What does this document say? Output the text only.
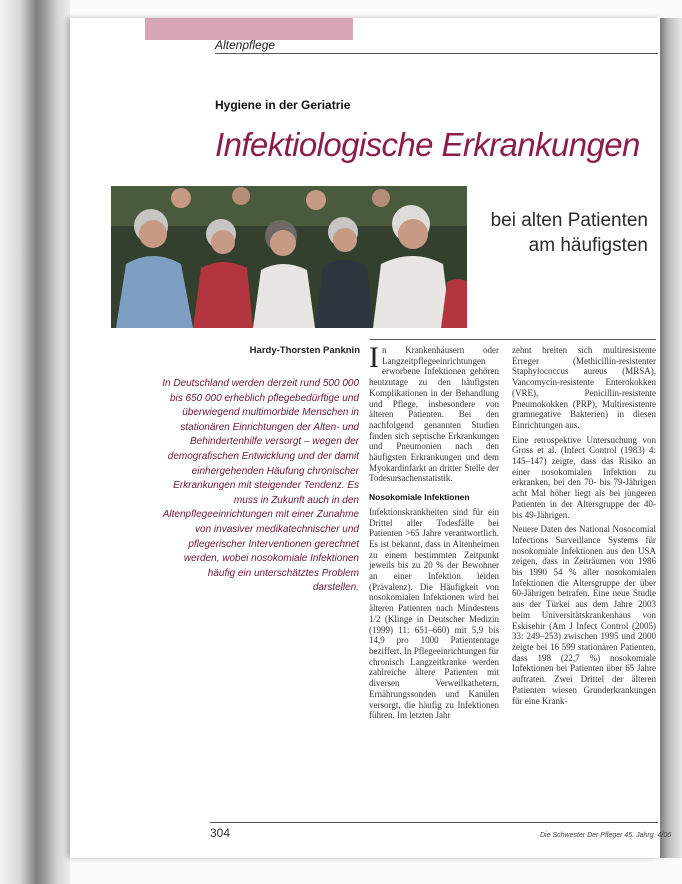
Altenpflege
Hygiene in der Geriatrie
Infektiologische Erkrankungen
bei alten Patienten
am häufigsten
Hardy-Thorsten Panknin
In Deutschland werden derzeit rund 500 000 bis 650 000 erheblich pflegebedürftige und überwiegend multimorbide Menschen in stationären Einrichtungen der Alten- und Behindertenhilfe versorgt – wegen der demografischen Entwicklung und der damit einhergehenden Häufung chronischer Erkrankungen mit steigender Tendenz. Es muss in Zukunft auch in den Altenpflegeeinrichtungen mit einer Zunahme von invasiver medikatechnischer und pflegerischer Interventionen gerechnet werden, wobei nosokomiale Infektionen häufig ein unterschätztes Problem darstellen.

In Krankenhäusern oder Langzeitpflegeeinrichtungen erworbene Infektionen gehören heutzutage zu den häufigsten Komplikationen in der Behandlung und Pflege, insbesondere von älteren Patienten. Bei den nachfolgend genannten Studien finden sich septische Erkrankungen und Pneumonien nach den häufigsten Erkrankungen und dem Myokardinfarkt an dritter Stelle der Todesursachenstatistik.

Nosokomiale Infektionen

Infektionskrankheiten sind für ein Drittel aller Todesfälle bei Patienten >65 Jahre verantwortlich. Es ist bekannt, dass in Altenheimen zu einem bestimmten Zeitpunkt jeweils bis zu 20 % der Bewohner an einer Infektion leiden (Prävalenz). Die Häufigkeit von nosokomialen Infektionen wird bei älteren Patienten nach Mindestens 1/2 (Klinge in Deutscher Medizin (1999) 11: 651–660) mit 5,9 bis 14,9 pro 1000 Patiententage beziffert. In Pflegeeinrichtungen für chronisch Langzeitkranke werden zahlreiche ältere Patienten mit diversen Verweilkathetern, Ernährungssonden und Kanülen versorgt, die häufig zu Infektionen führen. Im letzten Jahr

zehnt breiten sich multiresistente Erreger (Methicillin-resistenter Staphylococcus aureus (MRSA), Vancomycin-resistente Enterokokken (VRE), Penicillin-resistente Pneumokokken (PRP), Multiresistente gramnegative Bakterien) in diesen Einrichtungen aus.

Eine retrospektive Untersuchung von Gross et al. (Infect Control (1983) 4: 145–147) zeigte, dass das Risiko an einer nosokomialen Infektion zu erkranken, bei den 70- bis 79-Jährigen acht Mal höher liegt als bei jüngeren Patienten in der Altersgruppe der 40- bis 49-Jährigen.

Neuere Daten des National Nosocomial Infections Surveillance Systems für nosokomiale Infektionen aus den USA zeigen, dass in Zeiträumen von 1986 bis 1990 54 % aller nosokomialen Infektionen die Altersgruppe der über 60-Jährigen betrafen. Eine neue Studie aus der Türkei aus dem Jahre 2003 beim Universitätskrankenhaus von Eskisehir (Am J Infect Control (2005) 33: 249–253) zwischen 1995 und 2000 zeigte bei 16 599 stationären Patienten, dass 198 (22,7 %) nosokomiale Infektionen bei Patienten über 65 Jahre auftraten. Zwei Drittel der älteren Patienten wiesen Grunderkrankungen für eine Krank-

304	Die Schwester Der Pfleger 45. Jahrg. 4/06
